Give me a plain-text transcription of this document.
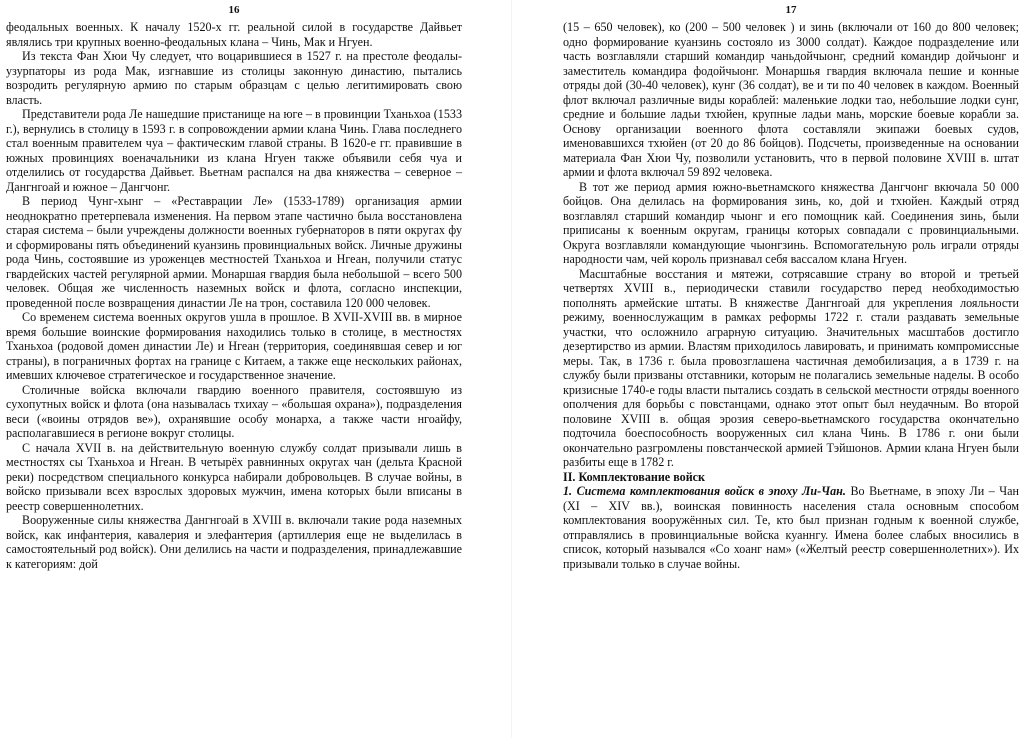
16

феодальных военных. К началу 1520-х гг. реальной силой в государстве Дайвьет являлись три крупных военно-феодальных клана – Чинь, Мак и Нгуен.

Из текста Фан Хюи Чу следует, что воцарившиеся в 1527 г. на престоле феодалы-узурпаторы из рода Мак, изгнавшие из столицы законную династию, пытались возродить регулярную армию по старым образцам с целью легитимировать свою власть.

Представители рода Ле нашедшие пристанище на юге – в провинции Тханьхоа (1533 г.), вернулись в столицу в 1593 г. в сопровождении армии клана Чинь. Глава последнего стал военным правителем чуа – фактическим главой страны. В 1620-е гг. правившие в южных провинциях военачальники из клана Нгуен также объявили себя чуа и отделились от государства Дайвьет. Вьетнам распался на два княжества – северное – Дангнгоай и южное – Дангчонг.

В период Чунг-хынг – «Реставрации Ле» (1533-1789) организация армии неоднократно претерпевала изменения. На первом этапе частично была восстановлена старая система – были учреждены должности военных губернаторов в пяти округах фу и сформированы пять объединений куанзинь провинциальных войск. Личные дружины рода Чинь, состоявшие из уроженцев местностей Тханьхоа и Нгеан, получили статус гвардейских частей регулярной армии. Монаршая гвардия была небольшой – всего 500 человек. Общая же численность наземных войск и флота, согласно инспекции, проведенной после возвращения династии Ле на трон, составила 120 000 человек.

Со временем система военных округов ушла в прошлое. В XVII-XVIII вв. в мирное время большие воинские формирования находились только в столице, в местностях Тханьхоа (родовой домен династии Ле) и Нгеан (территория, соединявшая север и юг страны), в пограничных фортах на границе с Китаем, а также еще нескольких районах, имевших ключевое стратегическое и государственное значение.

Столичные войска включали гвардию военного правителя, состоявшую из сухопутных войск и флота (она называлась тхихау – «большая охрана»), подразделения веси («воины отрядов ве»), охранявшие особу монарха, а также части нгоайфу, располагавшиеся в регионе вокруг столицы.

С начала XVII в. на действительную военную службу солдат призывали лишь в местностях сы Тханьхоа и Нгеан. В четырёх равнинных округах чан (дельта Красной реки) посредством специального конкурса набирали добровольцев. В случае войны, в войско призывали всех взрослых здоровых мужчин, имена которых были вписаны в реестр совершеннолетних.

Вооруженные силы княжества Дангнгоай в XVIII в. включали такие рода наземных войск, как инфантерия, кавалерия и элефантерия (артиллерия еще не выделилась в самостоятельный род войск). Они делились на части и подразделения, принадлежавшие к категориям: дой

17

(15 – 650 человек), ко (200 – 500 человек ) и зинь (включали от 160 до 800 человек; одно формирование куанзинь состояло из 3000 солдат). Каждое подразделение или часть возглавляли старший командир чаньдойчыонг, средний командир дойчыонг и заместитель командира фодойчыонг. Монаршья гвардия включала пешие и конные отряды дой (30-40 человек), кунг (36 солдат), ве и ти по 40 человек в каждом. Военный флот включал различные виды кораблей: маленькие лодки тао, небольшие лодки сунг, средние и большие ладьи тхюйен, крупные ладьи мань, морские боевые корабли за. Основу организации военного флота составляли экипажи боевых судов, именовавшихся тхюйен (от 20 до 86 бойцов). Подсчеты, произведенные на основании материала Фан Хюи Чу, позволили установить, что в первой половине XVIII в. штат армии и флота включал 59 892 человека.

В тот же период армия южно-вьетнамского княжества Дангчонг вкючала 50 000 бойцов. Она делилась на формирования зинь, ко, дой и тхюйен. Каждый отряд возглавлял старший командир чыонг и его помощник кай. Соединения зинь, были приписаны к военным округам, границы которых совпадали с провинциальными. Округа возглавляли командующие чыонгзинь. Вспомогательную роль играли отряды народности чам, чей король признавал себя вассалом клана Нгуен.

Масштабные восстания и мятежи, сотрясавшие страну во второй и третьей четвертях XVIII в., периодически ставили государство перед необходимостью пополнять армейские штаты. В княжестве Дангнгоай для укрепления лояльности режиму, военнослужащим в рамках реформы 1722 г. стали раздавать земельные участки, что осложнило аграрную ситуацию. Значительных масштабов достигло дезертирство из армии. Властям приходилось лавировать, и принимать компромиссные меры. Так, в 1736 г. была провозглашена частичная демобилизация, а в 1739 г. на службу были призваны отставники, которым не полагались земельные наделы. В особо кризисные 1740-е годы власти пытались создать в сельской местности отряды военного ополчения для борьбы с повстанцами, однако этот опыт был неудачным. Во второй половине XVIII в. общая эрозия северо-вьетнамского государства окончательно подточила боеспособность вооруженных сил клана Чинь. В 1786 г. они были окончательно разгромлены повстанческой армией Тэйшонов. Армии клана Нгуен были разбиты еще в 1782 г.

II. Комплектование войск

1. Система комплектования войск в эпоху Ли-Чан. Во Вьетнаме, в эпоху Ли – Чан (XI – XIV вв.), воинская повинность населения стала основным способом комплектования вооружённых сил. Те, кто был признан годным к военной службе, отправлялись в провинциальные войска куаннгу. Имена более слабых вносились в список, который назывался «Со хоанг нам» («Желтый реестр совершеннолетних»). Их призывали только в случае войны.
